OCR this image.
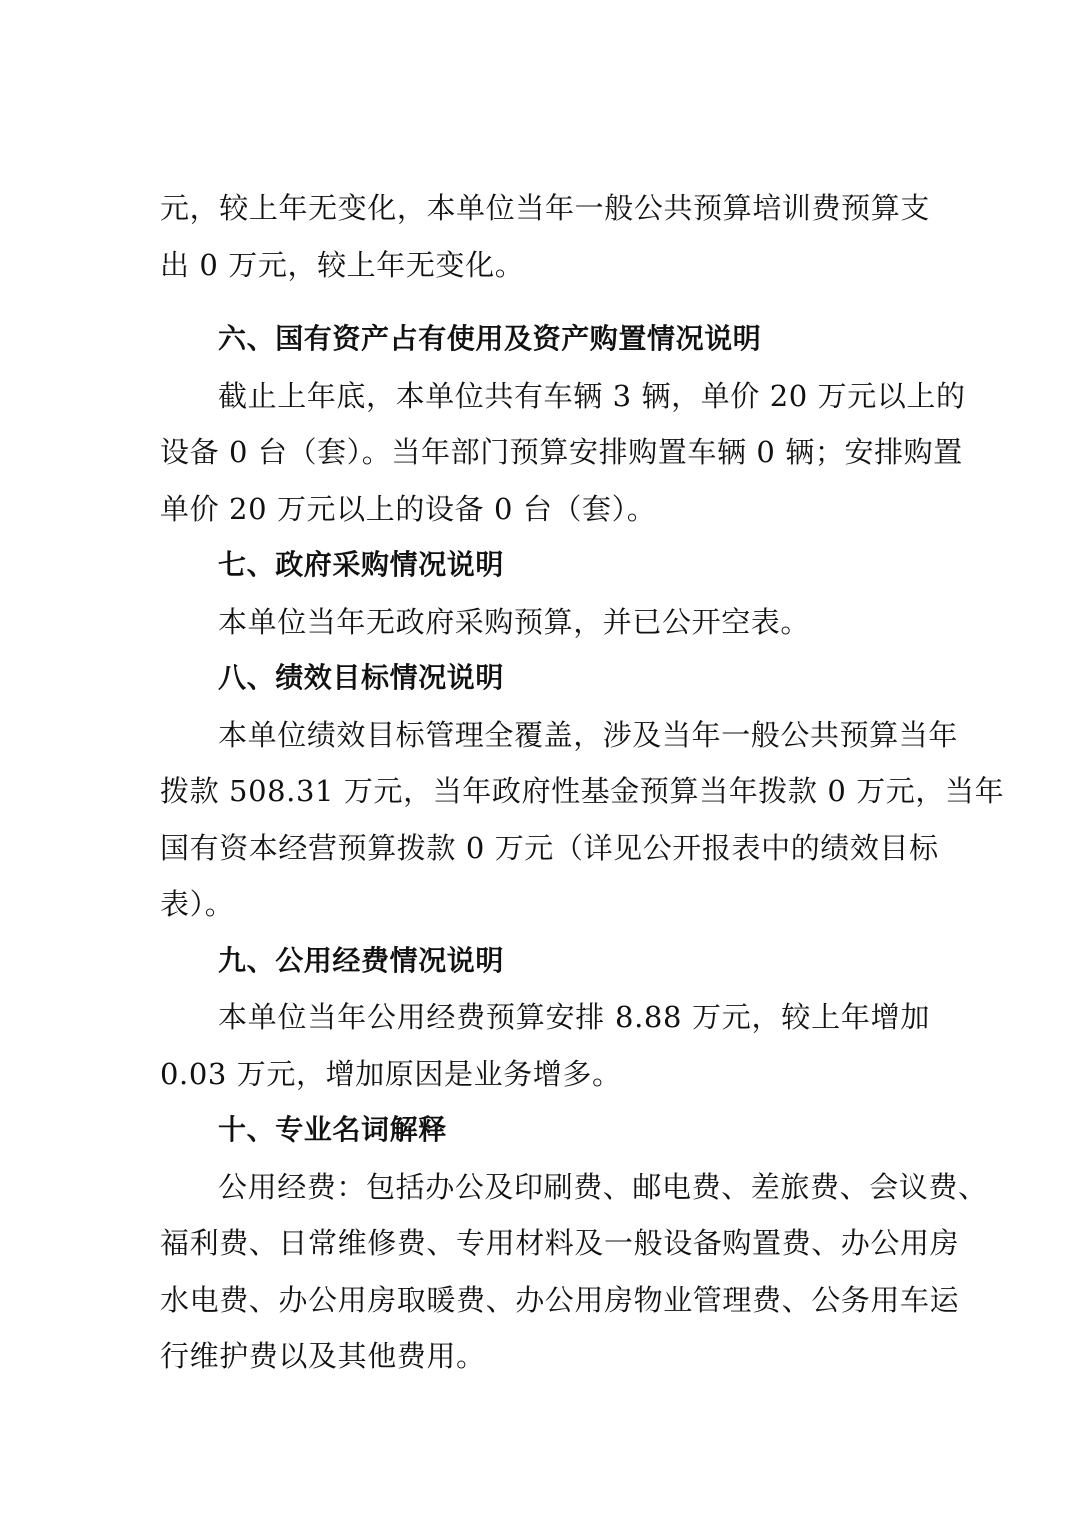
元，较上年无变化，本单位当年一般公共预算培训费预算支
出 0 万元，较上年无变化。
六、国有资产占有使用及资产购置情况说明
截止上年底，本单位共有车辆 3 辆，单价 20 万元以上的
设备 0 台（套）。当年部门预算安排购置车辆 0 辆；安排购置
单价 20 万元以上的设备 0 台（套）。
七、政府采购情况说明
本单位当年无政府采购预算，并已公开空表。
八、绩效目标情况说明
本单位绩效目标管理全覆盖，涉及当年一般公共预算当年
拨款 508.31 万元，当年政府性基金预算当年拨款 0 万元，当年
国有资本经营预算拨款 0 万元（详见公开报表中的绩效目标
表）。
九、公用经费情况说明
本单位当年公用经费预算安排 8.88 万元，较上年增加
0.03 万元，增加原因是业务增多。
十、专业名词解释
公用经费：包括办公及印刷费、邮电费、差旅费、会议费、
福利费、日常维修费、专用材料及一般设备购置费、办公用房
水电费、办公用房取暖费、办公用房物业管理费、公务用车运
行维护费以及其他费用。
